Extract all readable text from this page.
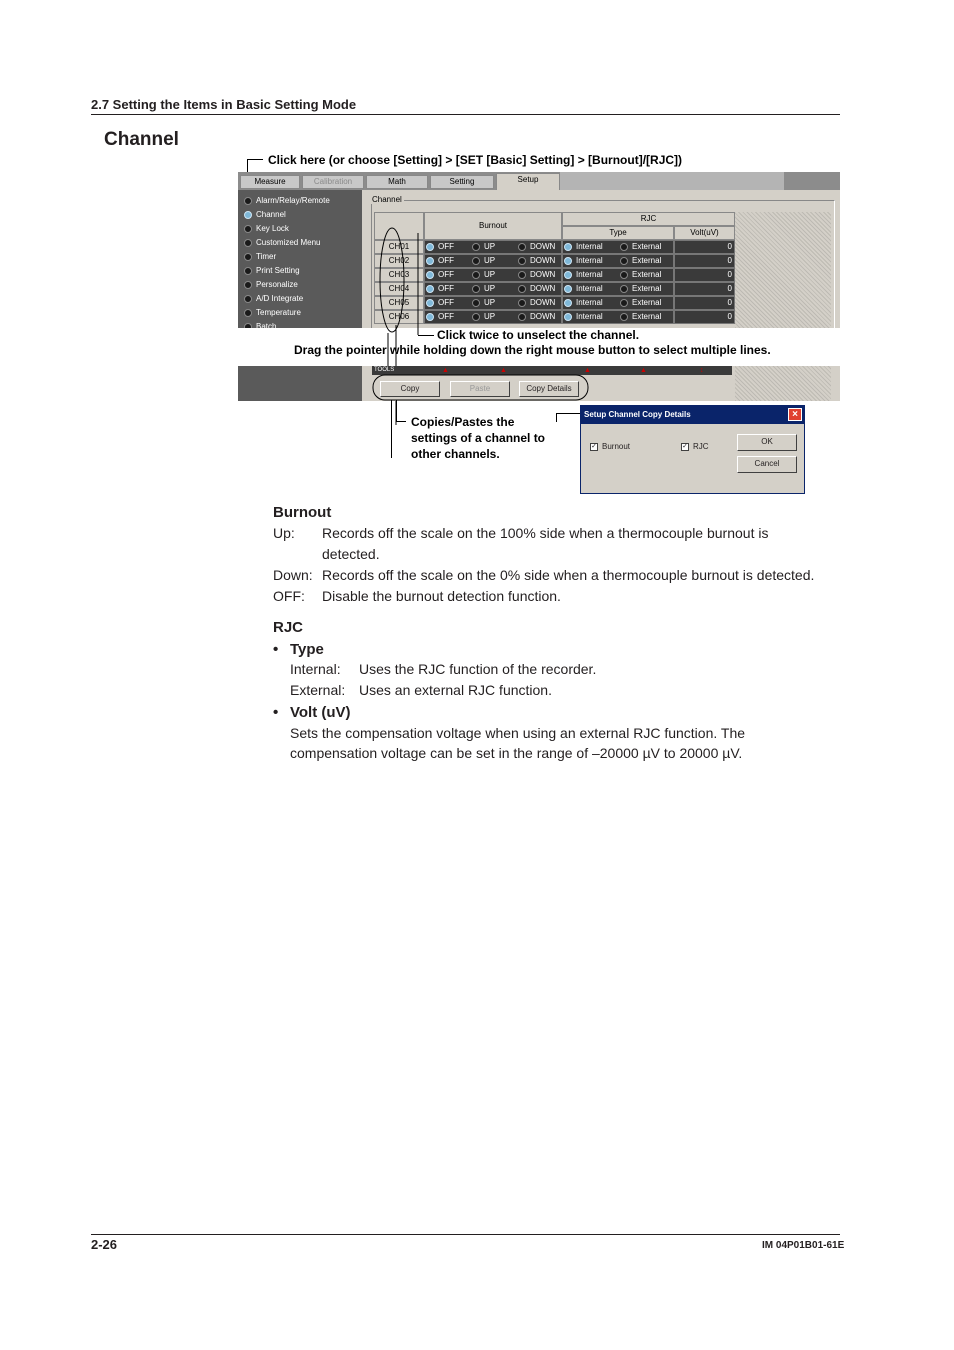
2.7 Setting the Items in Basic Setting Mode
Channel
Click here (or choose [Setting] > [SET [Basic] Setting] > [Burnout]/[RJC])
Measure	Calibration	Math	Setting	Setup
Alarm/Relay/Remote
Channel
Key Lock
Customized Menu
Timer
Print Setting
Personalize
A/D Integrate
Temperature
Batch
Channel
Burnout
RJC
Type	Volt(uV)
CH01	OFF	UP	DOWN	Internal	External	0
CH02	OFF	UP	DOWN	Internal	External	0
CH03	OFF	UP	DOWN	Internal	External	0
CH04	OFF	UP	DOWN	Internal	External	0
CH05	OFF	UP	DOWN	Internal	External	0
CH06	OFF	UP	DOWN	Internal	External	0
Click twice to unselect the channel.
Drag the pointer while holding down the right mouse button to select multiple lines.
TOOLS	▲	▲	▲	▲	↕
Copy	Paste	Copy Details
Copies/Pastes the
settings of a channel to
other channels.
Setup Channel Copy Details	×
✓ Burnout	✓ RJC
OK
Cancel
Burnout
Up: Records off the scale on the 100% side when a thermocouple burnout is
detected.
Down: Records off the scale on the 0% side when a thermocouple burnout is detected.
OFF: Disable the burnout detection function.
RJC
• Type
Internal: Uses the RJC function of the recorder.
External: Uses an external RJC function.
• Volt (uV)
Sets the compensation voltage when using an external RJC function. The
compensation voltage can be set in the range of –20000 µV to 20000 µV.
2-26	IM 04P01B01-61E
